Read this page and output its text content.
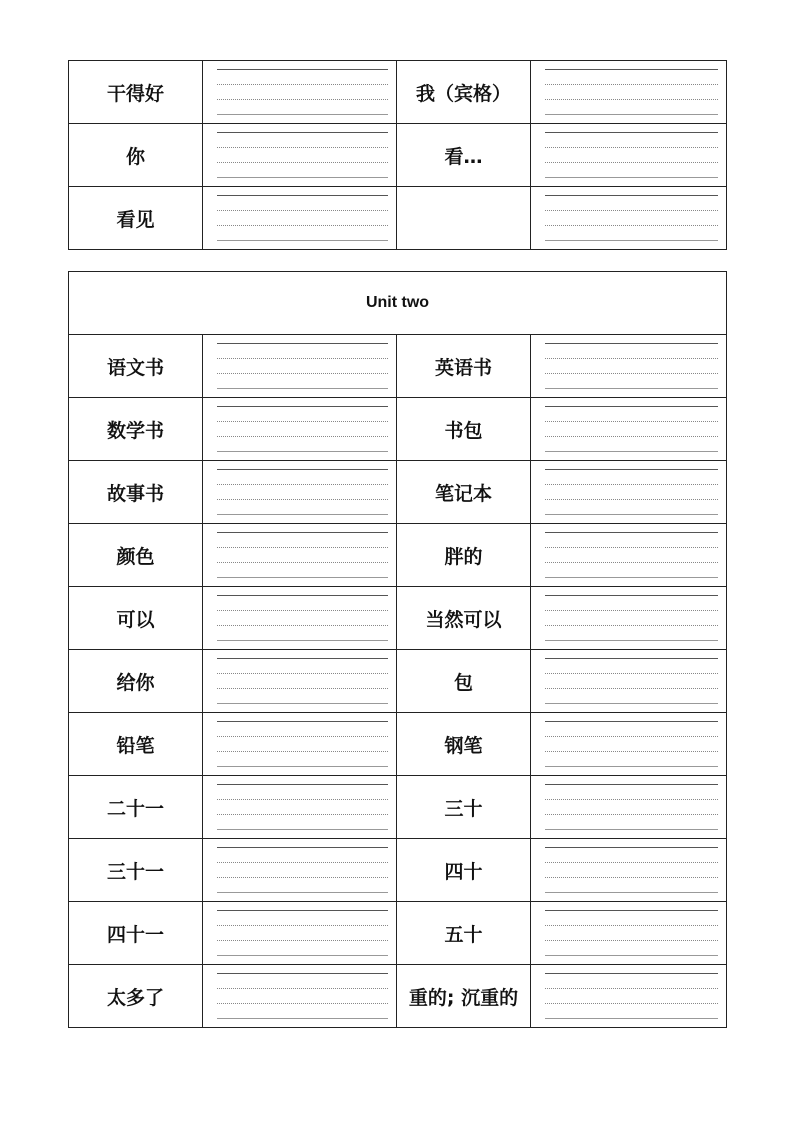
干得好		我（宾格）	

你		看…	

看见	

Unit two			
语文书		英语书	

数学书		书包	

故事书		笔记本	

颜色		胖的	

可以		当然可以	

给你		包	

铅笔		钢笔	

二十一		三十	

三十一		四十	

四十一		五十	

太多了		重的; 沉重的	
